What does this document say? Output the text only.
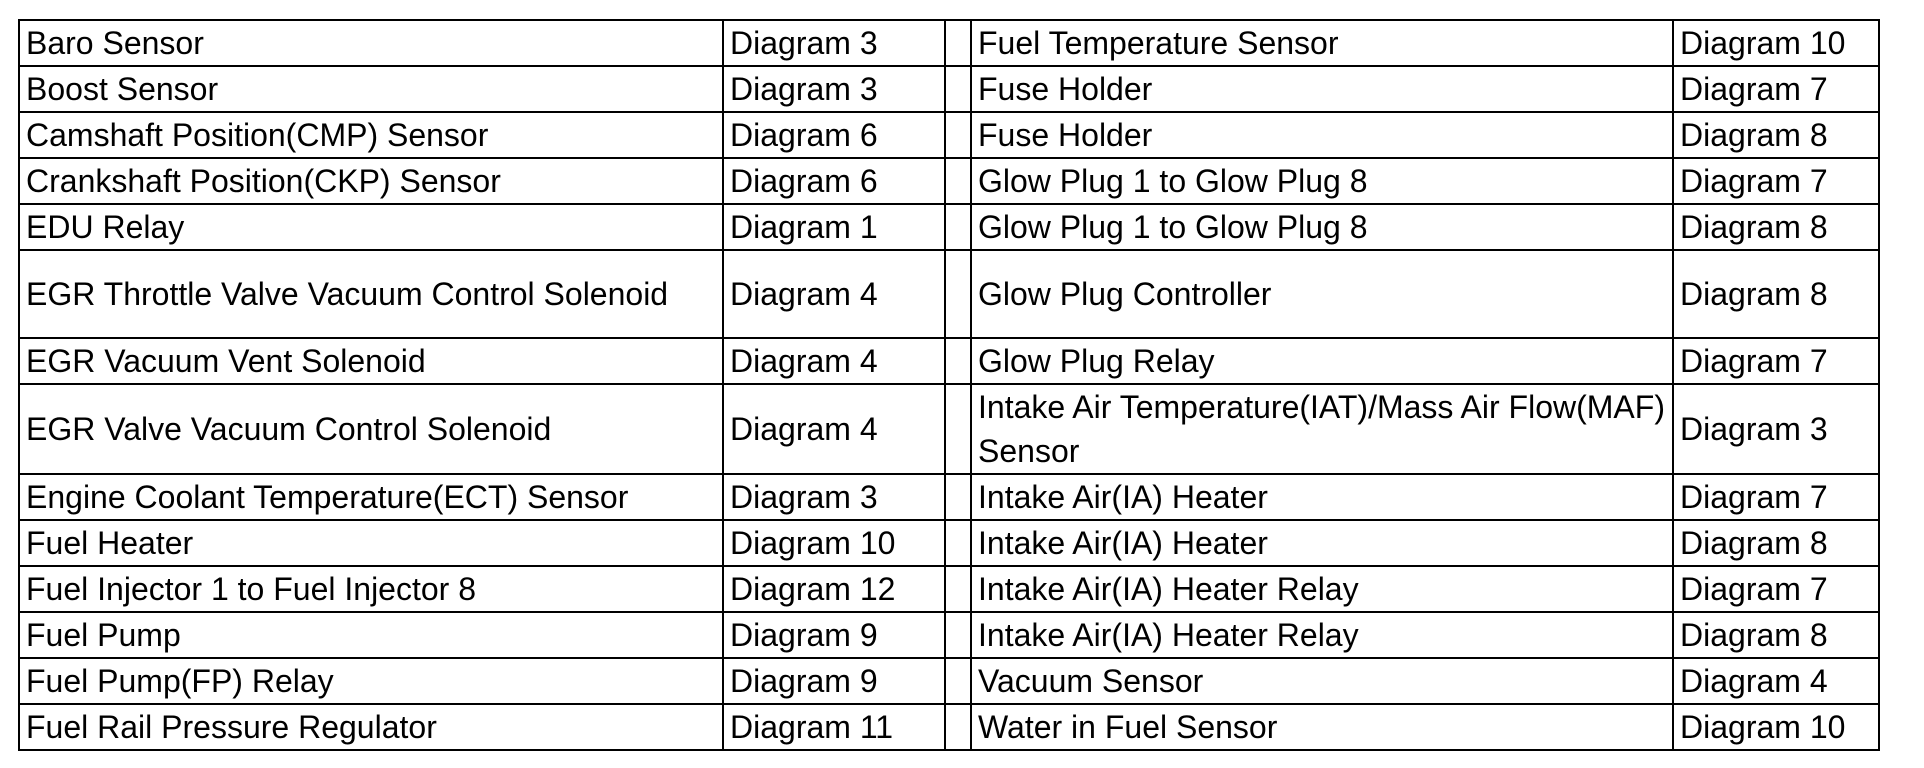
Baro Sensor	Diagram 3		Fuel Temperature Sensor	Diagram 10
Boost Sensor	Diagram 3		Fuse Holder	Diagram 7
Camshaft Position(CMP) Sensor	Diagram 6		Fuse Holder	Diagram 8
Crankshaft Position(CKP) Sensor	Diagram 6		Glow Plug 1 to Glow Plug 8	Diagram 7
EDU Relay	Diagram 1		Glow Plug 1 to Glow Plug 8	Diagram 8
EGR Throttle Valve Vacuum Control Solenoid	Diagram 4		Glow Plug Controller	Diagram 8
EGR Vacuum Vent Solenoid	Diagram 4		Glow Plug Relay	Diagram 7
EGR Valve Vacuum Control Solenoid	Diagram 4		Intake Air Temperature(IAT)/Mass Air Flow(MAF) Sensor	Diagram 3
Engine Coolant Temperature(ECT) Sensor	Diagram 3		Intake Air(IA) Heater	Diagram 7
Fuel Heater	Diagram 10		Intake Air(IA) Heater	Diagram 8
Fuel Injector 1 to Fuel Injector 8	Diagram 12		Intake Air(IA) Heater Relay	Diagram 7
Fuel Pump	Diagram 9		Intake Air(IA) Heater Relay	Diagram 8
Fuel Pump(FP) Relay	Diagram 9		Vacuum Sensor	Diagram 4
Fuel Rail Pressure Regulator	Diagram 11		Water in Fuel Sensor	Diagram 10
